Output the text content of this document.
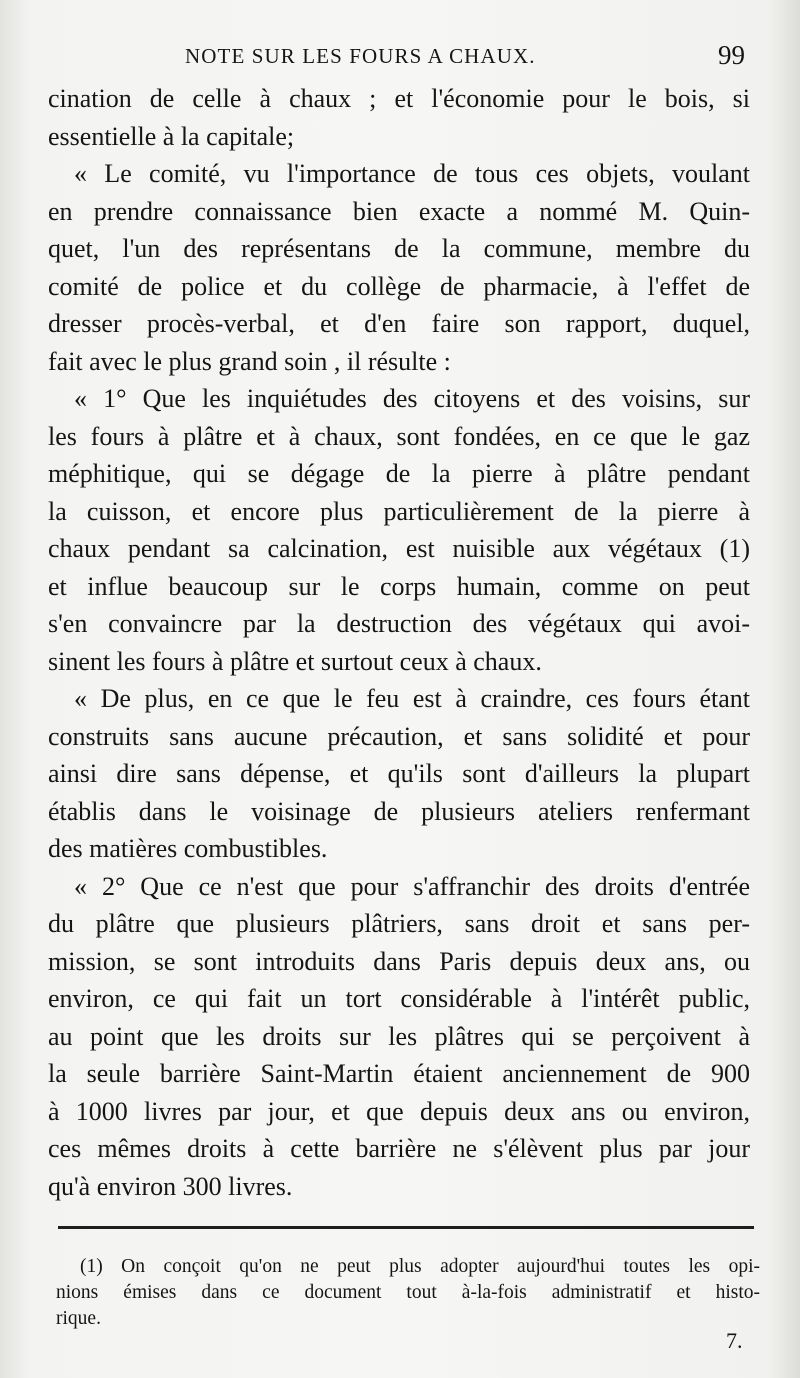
NOTE SUR LES FOURS A CHAUX.	99
cination de celle à chaux ; et l'économie pour le bois, si
essentielle à la capitale;
« Le comité, vu l'importance de tous ces objets, voulant
en prendre connaissance bien exacte a nommé M. Quin-
quet, l'un des représentans de la commune, membre du
comité de police et du collège de pharmacie, à l'effet de
dresser procès-verbal, et d'en faire son rapport, duquel,
fait avec le plus grand soin , il résulte :
« 1° Que les inquiétudes des citoyens et des voisins, sur
les fours à plâtre et à chaux, sont fondées, en ce que le gaz
méphitique, qui se dégage de la pierre à plâtre pendant
la cuisson, et encore plus particulièrement de la pierre à
chaux pendant sa calcination, est nuisible aux végétaux (1)
et influe beaucoup sur le corps humain, comme on peut
s'en convaincre par la destruction des végétaux qui avoi-
sinent les fours à plâtre et surtout ceux à chaux.
« De plus, en ce que le feu est à craindre, ces fours étant
construits sans aucune précaution, et sans solidité et pour
ainsi dire sans dépense, et qu'ils sont d'ailleurs la plupart
établis dans le voisinage de plusieurs ateliers renfermant
des matières combustibles.
« 2° Que ce n'est que pour s'affranchir des droits d'entrée
du plâtre que plusieurs plâtriers, sans droit et sans per-
mission, se sont introduits dans Paris depuis deux ans, ou
environ, ce qui fait un tort considérable à l'intérêt public,
au point que les droits sur les plâtres qui se perçoivent à
la seule barrière Saint-Martin étaient anciennement de 900
à 1000 livres par jour, et que depuis deux ans ou environ,
ces mêmes droits à cette barrière ne s'élèvent plus par jour
qu'à environ 300 livres.
(1) On conçoit qu'on ne peut plus adopter aujourd'hui toutes les opi-
nions émises dans ce document tout à-la-fois administratif et histo-
rique.
7.
